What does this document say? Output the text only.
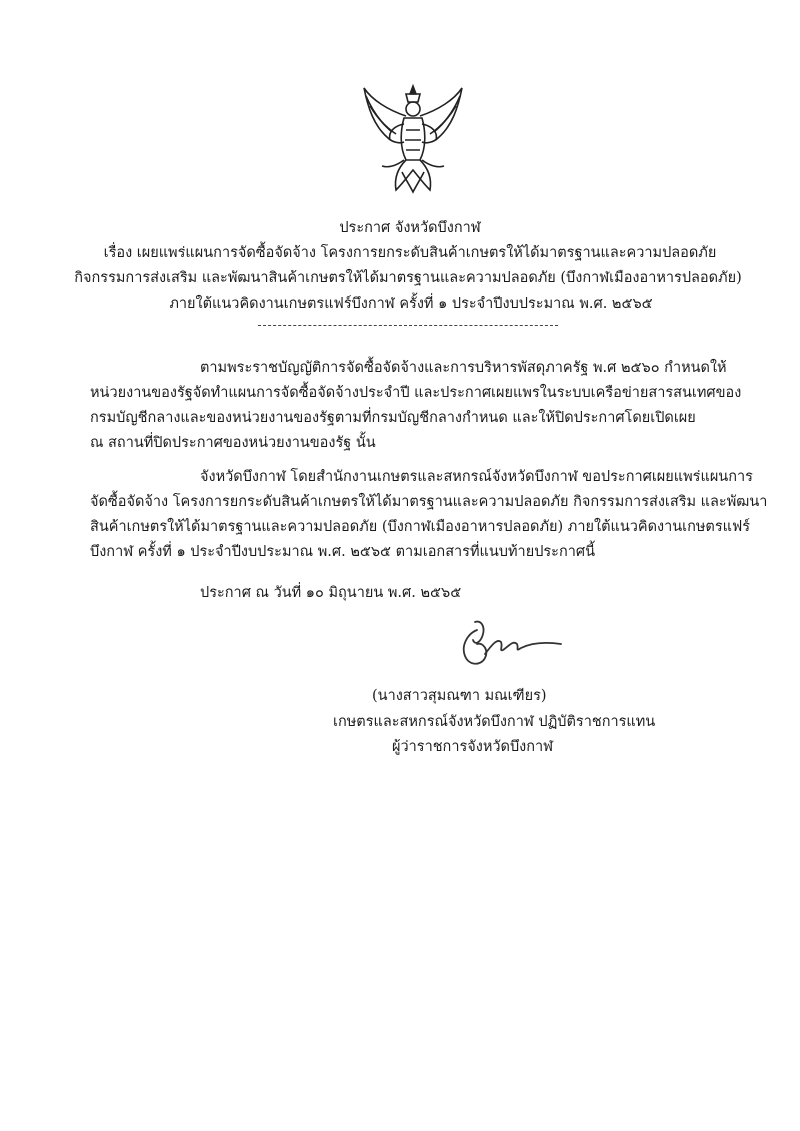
ประกาศ จังหวัดบึงกาฬ
เรื่อง เผยแพร่แผนการจัดซื้อจัดจ้าง โครงการยกระดับสินค้าเกษตรให้ได้มาตรฐานและความปลอดภัย
กิจกรรมการส่งเสริม และพัฒนาสินค้าเกษตรให้ได้มาตรฐานและความปลอดภัย (บึงกาฬเมืองอาหารปลอดภัย)
ภายใต้แนวคิดงานเกษตรแฟร์บึงกาฬ ครั้งที่ ๑ ประจำปีงบประมาณ พ.ศ. ๒๕๖๕
ตามพระราชบัญญัติการจัดซื้อจัดจ้างและการบริหารพัสดุภาครัฐ พ.ศ ๒๕๖๐ กำหนดให้
หน่วยงานของรัฐจัดทำแผนการจัดซื้อจัดจ้างประจำปี และประกาศเผยแพรในระบบเครือข่ายสารสนเทศของ
กรมบัญชีกลางและของหน่วยงานของรัฐตามที่กรมบัญชีกลางกำหนด และให้ปิดประกาศโดยเปิดเผย
ณ สถานที่ปิดประกาศของหน่วยงานของรัฐ นั้น
จังหวัดบึงกาฬ โดยสำนักงานเกษตรและสหกรณ์จังหวัดบึงกาฬ ขอประกาศเผยแพร่แผนการ
จัดซื้อจัดจ้าง โครงการยกระดับสินค้าเกษตรให้ได้มาตรฐานและความปลอดภัย กิจกรรมการส่งเสริม และพัฒนา
สินค้าเกษตรให้ได้มาตรฐานและความปลอดภัย (บึงกาฬเมืองอาหารปลอดภัย) ภายใต้แนวคิดงานเกษตรแฟร์
บึงกาฬ ครั้งที่ ๑ ประจำปีงบประมาณ พ.ศ. ๒๕๖๕ ตามเอกสารที่แนบท้ายประกาศนี้
ประกาศ ณ วันที่ ๑๐ มิถุนายน พ.ศ. ๒๕๖๕
(นางสาวสุมณฑา มณเฑียร)
เกษตรและสหกรณ์จังหวัดบึงกาฬ ปฏิบัติราชการแทน
ผู้ว่าราชการจังหวัดบึงกาฬ
